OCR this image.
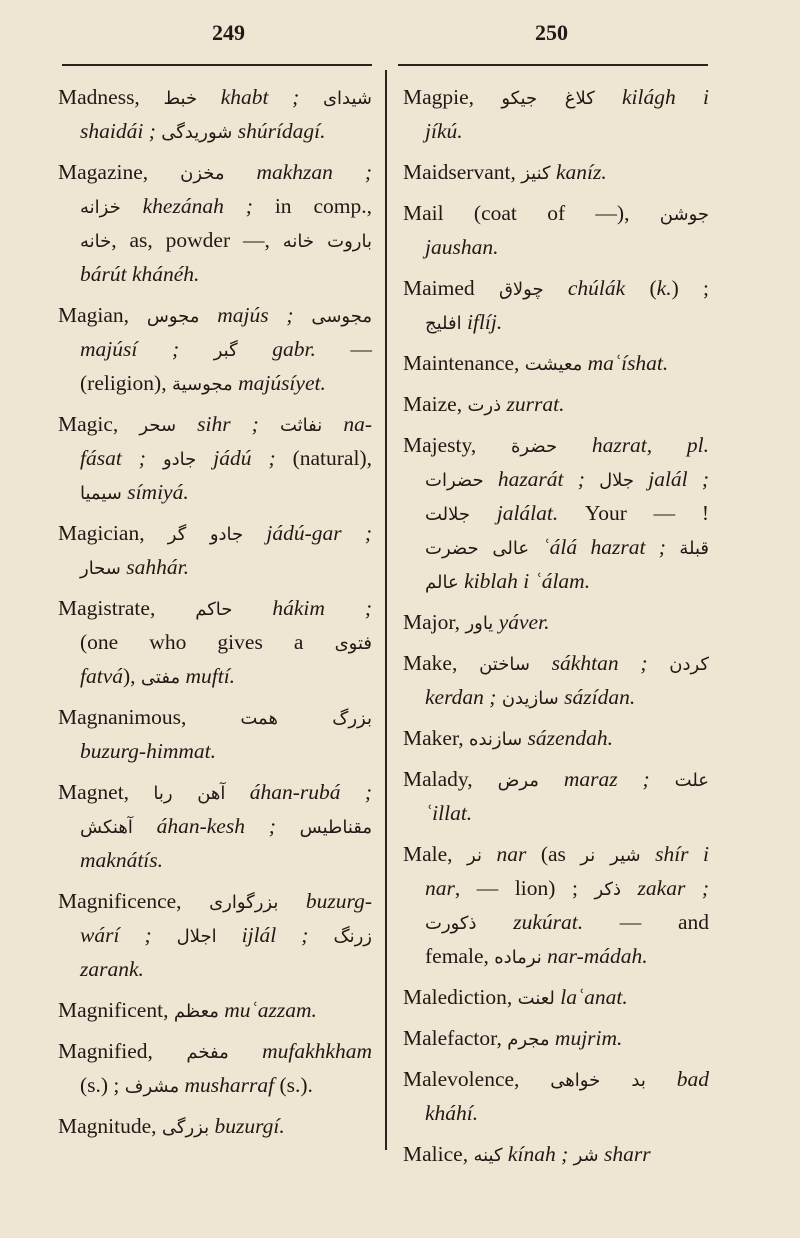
249	250
Madness, خبط khabt ; شیدای
shaidái ; شوریدگی shúrídagí.
Magazine, مخزن makhzan ;
خزانه khezánah ; in comp.,
خانه, as, powder —, باروت خانه
bárút khánéh.
Magian, مجوس majús ; مجوسی
majúsí ; گبر gabr. —
(religion), مجوسیة majúsíyet.
Magic, سحر sihr ; نفاثت na-
fásat ; جادو jádú ; (natural),
سیمیا símiyá.
Magician, جادو گر jádú-gar ;
سحار sahhár.
Magistrate, حاکم hákim ;
(one who gives a فتوی
fatvá), مفتی muftí.
Magnanimous, بزرگ همت
buzurg-himmat.
Magnet, آهن ربا áhan-rubá ;
آهنکش áhan-kesh ; مقناطیس
maknátís.
Magnificence, بزرگواری buzurg-
wárí ; اجلال ijlál ; زرنگ
zarank.
Magnificent, معظم muʿazzam.
Magnified, مفخم mufakhkham
(s.) ; مشرف musharraf (s.).
Magnitude, بزرگی buzurgí.
Magpie, کلاغ جیکو kilágh i
jíkú.
Maidservant, کنیز kaníz.
Mail (coat of —), جوشن
jaushan.
Maimed چولاق chúlák (k.) ;
افلیج iflíj.
Maintenance, معیشت maʿíshat.
Maize, ذرت zurrat.
Majesty, حضرة hazrat, pl.
حضرات hazarát ; جلال jalál ;
جلالت jalálat. Your — !
عالی حضرت ʿálá hazrat ; قبلة
عالم kiblah i ʿálam.
Major, یاور yáver.
Make, ساختن sákhtan ; کردن
kerdan ; سازیدن sázídan.
Maker, سازنده sázendah.
Malady, مرض maraz ; علت
ʿillat.
Male, نر nar (as شیر نر shír i
nar, — lion) ; ذکر zakar ;
ذکورت zukúrat. — and
female, نرماده nar-mádah.
Malediction, لعنت laʿanat.
Malefactor, مجرم mujrim.
Malevolence, بد خواهی bad
kháhí.
Malice, کینه kínah ; شر sharr
